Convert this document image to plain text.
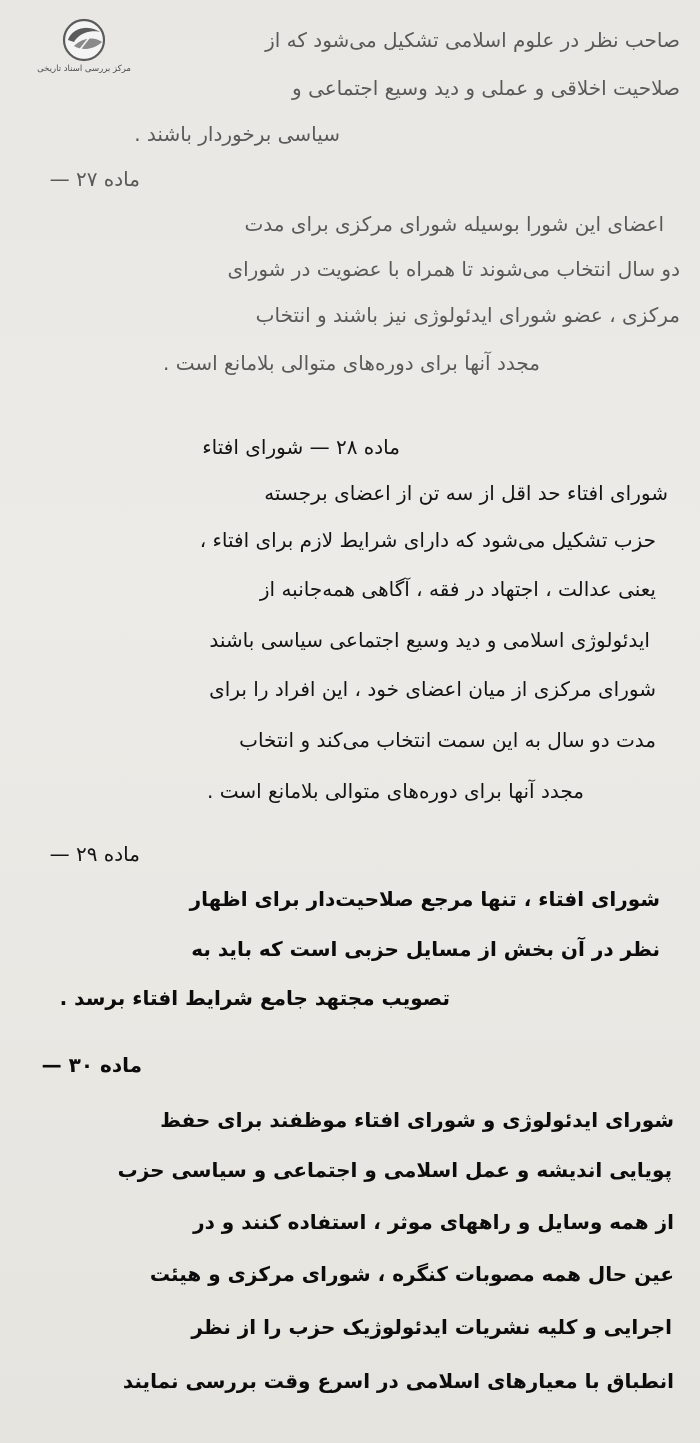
مرکز بررسی اسناد تاریخی
صاحب نظر در علوم اسلامی تشکیل می‌شود که از
صلاحیت اخلاقی و عملی و دید وسیع اجتماعی و
سیاسی برخوردار باشند .
ماده ۲۷ —
اعضای این شورا بوسیله شورای مرکزی برای مدت
دو سال انتخاب می‌شوند تا همراه با عضویت در شورای
مرکزی ، عضو شورای ایدئولوژی نیز باشند و انتخاب
مجدد آنها برای دوره‌های متوالی بلامانع است .
ماده ۲۸ — شورای افتاء
شورای افتاء حد اقل از سه تن از اعضای برجسته
حزب تشکیل می‌شود که دارای شرایط لازم برای افتاء ،
یعنی عدالت ، اجتهاد در فقه ، آگاهی همه‌جانبه از
ایدئولوژی اسلامی و دید وسیع اجتماعی سیاسی باشند
شورای مرکزی از میان اعضای خود ، این افراد را برای
مدت دو سال به این سمت انتخاب می‌کند و انتخاب
مجدد آنها برای دوره‌های متوالی بلامانع است .
ماده ۲۹ —
شورای افتاء ، تنها مرجع صلاحیت‌دار برای اظهار
نظر در آن بخش از مسایل حزبی است که باید به
تصویب مجتهد جامع شرایط افتاء برسد .
ماده ۳۰ —
شورای ایدئولوژی و شورای افتاء موظفند برای حفظ
پویایی اندیشه و عمل اسلامی و اجتماعی و سیاسی حزب
از همه وسایل و راههای موثر ، استفاده کنند و در
عین حال همه مصوبات کنگره ، شورای مرکزی و هیئت
اجرایی و کلیه نشریات ایدئولوژیک حزب را از نظر
انطباق با معیارهای اسلامی در اسرع وقت بررسی نمایند
